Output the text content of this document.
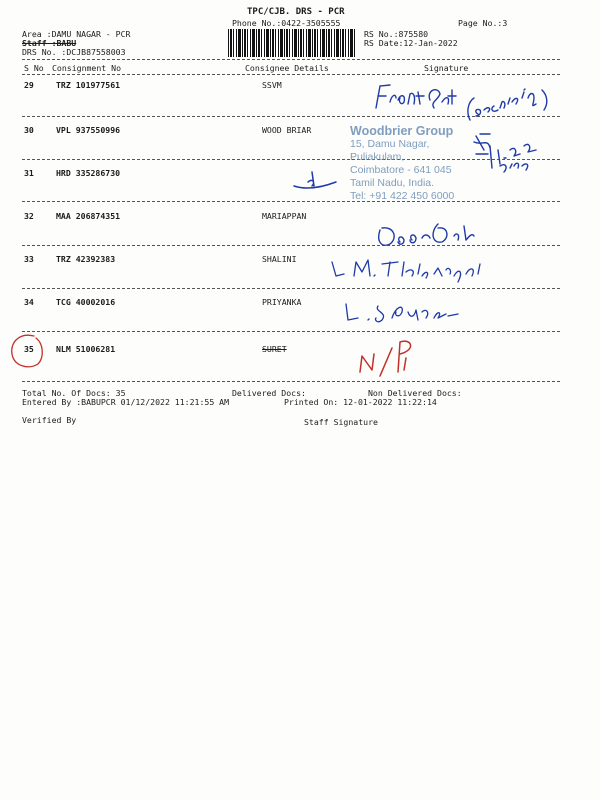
TPC/CJB. DRS - PCR
Phone No.:0422-3505555	Page No.:3
Area :DAMU NAGAR - PCR
Staff :BABU
DRS No. :DCJB87558003
RS No.:875580
RS Date:12-Jan-2022
S No Consignment No	Consignee Details	Signature
29	TRZ 101977561	SSVM
30	VPL 937550996	WOOD BRIAR
31	HRD 335286730
32	MAA 206874351	MARIAPPAN
33	TRZ 42392383	SHALINI
34	TCG 40002016	PRIYANKA
35	NLM 51006281	SURET
Woodbrier Group
15, Damu Nagar,
Puliakulam,
Coimbatore - 641 045
Tamil Nadu, India.
Tel: +91 422 450 6000
Total No. Of Docs: 35	Delivered Docs:	Non Delivered Docs:
Entered By :BABUPCR 01/12/2022 11:21:55 AM	Printed On: 12-01-2022 11:22:14
Verified By	Staff Signature
